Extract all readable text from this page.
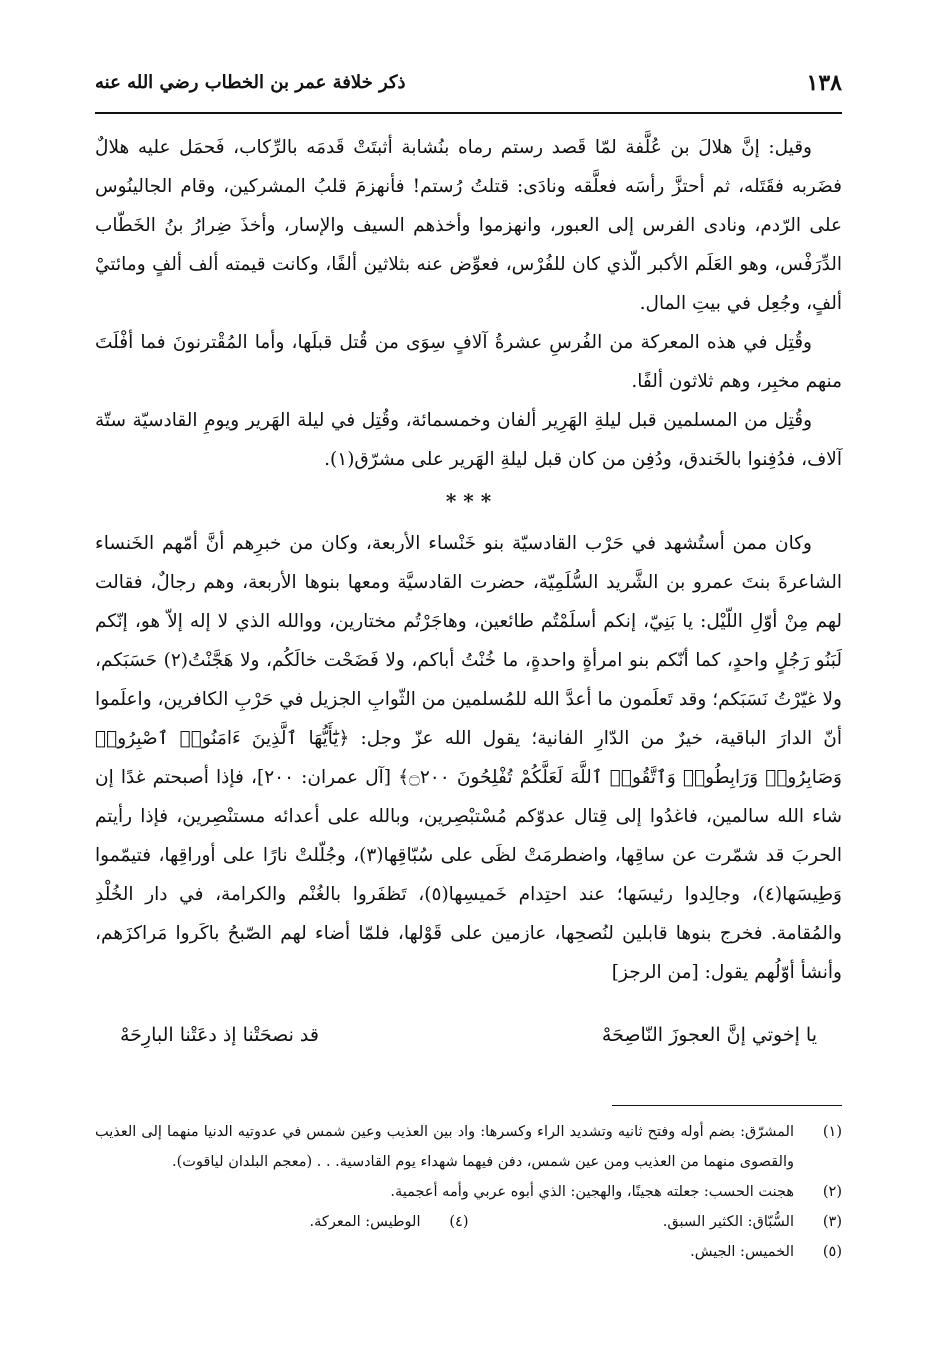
١٣٨
ذكر خلافة عمر بن الخطاب رضي الله عنه

وقيل: إنَّ هلالَ بن عُلَّفة لمّا قَصد رستم رماه بنُشابة أثبتَتْ قَدمَه بالرِّكاب، فَحمَل عليه هلالٌ فضَربه فقَتَله، ثم أحتزَّ رأسَه فعلَّقه ونادَى: قتلتُ رُستم! فأنهزمَ قلبُ المشركين، وقام الجالينُوس على الرّدم، ونادى الفرس إلى العبور، وانهزموا وأخذهم السيف والإسار، وأخذَ ضِرارُ بنُ الخَطّاب الدِّرَفْس، وهو العَلَم الأكبر الّذي كان للفُرْس، فعوِّض عنه بثلاثين ألفًا، وكانت قيمته ألف ألفٍ ومائتيْ ألفٍ، وجُعِل في بيتِ المال.

وقُتِل في هذه المعركة من الفُرسِ عشرةُ آلافٍ سِوَى من قُتل قبلَها، وأما المُقْترنونَ فما أفْلَتَ منهم مخبِر، وهم ثلاثون ألفًا.

وقُتِل من المسلمين قبل ليلةِ الهَرِير ألفان وخمسمائة، وقُتِل في ليلة الهَرير ويومِ القادسيّة ستّة آلاف، فدُفِنوا بالخَندق، ودُفِن من كان قبل ليلةِ الهَرير على مشرّق(١).

* * *

وكان ممن أستُشهد في حَرْب القادسيّة بنو خَنْساء الأربعة، وكان من خبرِهم أنَّ أمّهم الخَنساء الشاعرةَ بنتَ عمرو بن الشَّريد السُّلَمِيّة، حضرت القادسيَّة ومعها بنوها الأربعة، وهم رجالٌ، فقالت لهم مِنْ أوّلِ اللّيْل: يا بَنِيّ، إنكم أسلَمْتُم طائعين، وهاجَرْتُم مختارين، ووالله الذي لا إله إلاّ هو، إنّكم لَبَنُو رَجُلٍ واحدٍ، كما أنّكم بنو امرأةٍ واحدةٍ، ما خُنْتُ أباكم، ولا فَضَحْت خالَكُم، ولا هَجَّنْتُ(٢) حَسَبَكم، ولا غيّرْتُ نَسَبَكم؛ وقد تَعلَمون ما أعدَّ الله للمُسلمين من الثّوابِ الجزيل في حَرْبِ الكافرين، واعلَموا أنّ الدارَ الباقية، خيرٌ من الدّارِ الفانية؛ يقول الله عزّ وجل: ﴿يَٰٓأَيُّهَا ٱلَّذِينَ ءَامَنُوا۟ ٱصْبِرُوا۟ وَصَابِرُوا۟ وَرَابِطُوا۟ وَٱتَّقُوا۟ ٱللَّهَ لَعَلَّكُمْ تُفْلِحُونَ ۝٢٠٠﴾ [آل عمران: ٢٠٠]، فإذا أصبحتم غدًا إن شاء الله سالمين، فاغدُوا إلى قِتال عدوّكم مُسْتبْصِرين، وبالله على أعدائه مستنْصِرين، فإذا رأيتم الحربَ قد شمّرت عن ساقِها، واضطرمَتْ لظَى على سُبّاقِها(٣)، وجُلّلتْ نارًا على أوراقِها، فتيمّموا وَطِيسَها(٤)، وجالِدوا رئيسَها؛ عند احتِدام خَميسِها(٥)، تَظفَروا بالغُنْم والكرامة، في دار الخُلْدِ والمُقامة. فخرج بنوها قابلين لنُصحِها، عازمين على قَوْلها، فلمّا أضاء لهم الصّبحُ باكَروا مَراكزَهم، وأنشأ أوّلُهم يقول: [من الرجز]

يا إخوتي إنَّ العجوزَ النّاصِحَهْ
قد نصحَتْنا إذ دعَتْنا البارِحَهْ
(١)
المشرّق: بضم أوله وفتح ثانيه وتشديد الراء وكسرها: واد بين العذيب وعين شمس في عدوتيه الدنيا منهما إلى العذيب والقصوى منهما من العذيب ومن عين شمس، دفن فيهما شهداء يوم القادسية. . . (معجم البلدان لياقوت).
(٢)
هجنت الحسب: جعلته هجينًا، والهجين: الذي أبوه عربي وأمه أعجمية.
(٣)
السُّبّاق: الكثير السبق.
(٤)
الوطيس: المعركة.
(٥)
الخميس: الجيش.
